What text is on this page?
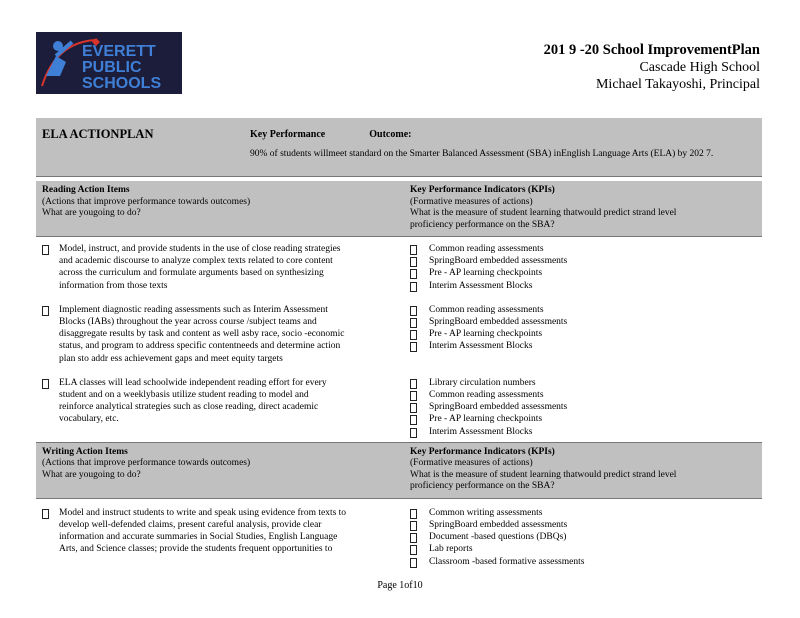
EVERETT
PUBLIC
SCHOOLS
201 9 -20 School ImprovementPlan
Cascade High School
Michael Takayoshi, Principal
ELA ACTIONPLAN	Key Performance	Outcome:
90% of students willmeet standard on the Smarter Balanced Assessment (SBA) inEnglish Language Arts (ELA) by 202 7.
Reading Action Items
(Actions that improve performance towards outcomes)
What are yougoing to do?
Key Performance Indicators (KPIs)
(Formative measures of actions)
What is the measure of student learning thatwould predict strand level
proficiency performance on the SBA?
Model, instruct, and provide students in the use of close reading strategies
and academic discourse to analyze complex texts related to core content
across the curriculum and formulate arguments based on synthesizing
information from those texts
Common reading assessments
SpringBoard embedded assessments
Pre - AP learning checkpoints
Interim Assessment Blocks
Implement diagnostic reading assessments such as Interim Assessment
Blocks (IABs) throughout the year across course /subject teams and
disaggregate results by task and content as well asby race, socio -economic
status, and program to address specific contentneeds and determine action
plan sto addr ess achievement gaps and meet equity targets
Common reading assessments
SpringBoard embedded assessments
Pre - AP learning checkpoints
Interim Assessment Blocks
ELA classes will lead schoolwide independent reading effort for every
student and on a weeklybasis utilize student reading to model and
reinforce analytical strategies such as close reading, direct academic
vocabulary, etc.
Library circulation numbers
Common reading assessments
SpringBoard embedded assessments
Pre - AP learning checkpoints
Interim Assessment Blocks
Writing Action Items
(Actions that improve performance towards outcomes)
What are yougoing to do?
Key Performance Indicators (KPIs)
(Formative measures of actions)
What is the measure of student learning thatwould predict strand level
proficiency performance on the SBA?
Model and instruct students to write and speak using evidence from texts to
develop well-defended claims, present careful analysis, provide clear
information and accurate summaries in Social Studies, English Language
Arts, and Science classes; provide the students frequent opportunities to
Common writing assessments
SpringBoard embedded assessments
Document -based questions (DBQs)
Lab reports
Classroom -based formative assessments
Page 1of10
